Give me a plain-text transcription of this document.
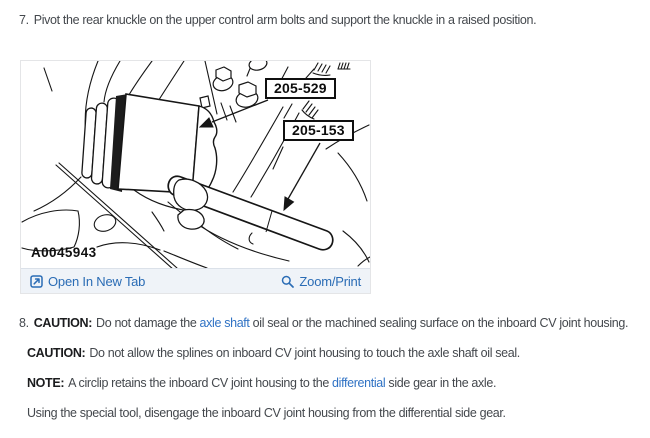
7. Pivot the rear knuckle on the upper control arm bolts and support the knuckle in a raised position.
205-529
205-153
A0045943
Open In New Tab	Zoom/Print
8. CAUTION: Do not damage the axle shaft oil seal or the machined sealing surface on the inboard CV joint housing.
CAUTION: Do not allow the splines on inboard CV joint housing to touch the axle shaft oil seal.
NOTE: A circlip retains the inboard CV joint housing to the differential side gear in the axle.
Using the special tool, disengage the inboard CV joint housing from the differential side gear.
